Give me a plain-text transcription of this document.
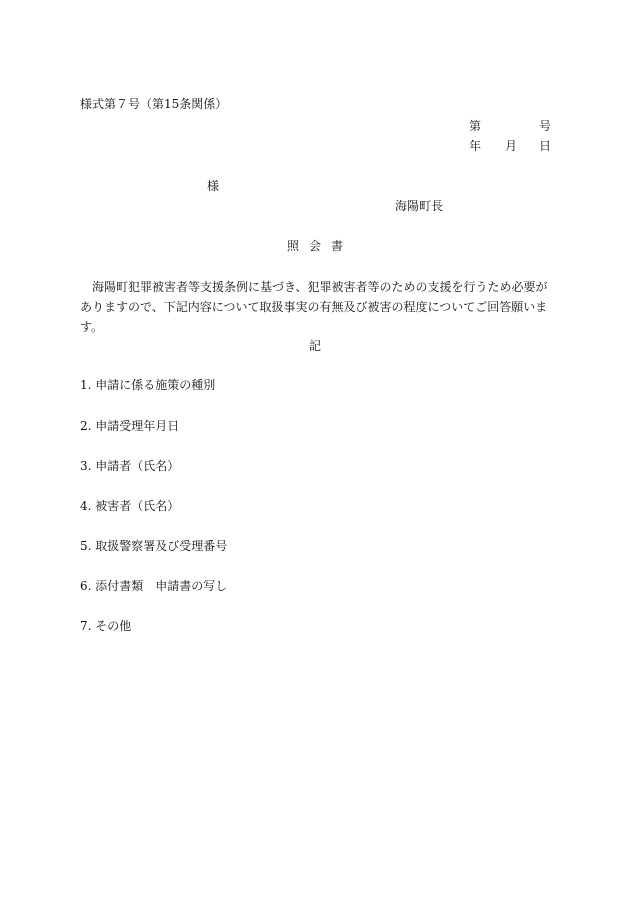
様式第７号（第15条関係）

第	号

年 月 日

様

海陽町長

照会書

海陽町犯罪被害者等支援条例に基づき、犯罪被害者等のための支援を行うため必要がありますので、下記内容について取扱事実の有無及び被害の程度についてご回答願います。

記

1. 申請に係る施策の種別

2. 申請受理年月日

3. 申請者（氏名）

4. 被害者（氏名）

5. 取扱警察署及び受理番号

6. 添付書類　申請書の写し

7. その他
